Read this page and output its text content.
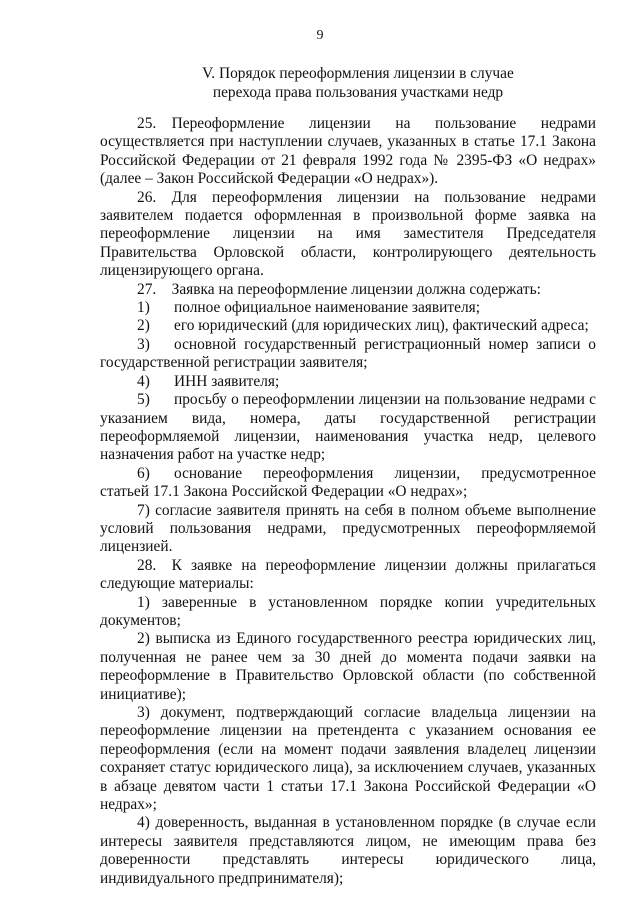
9
V. Порядок переоформления лицензии в случае
перехода права пользования участками недр

25. Переоформление лицензии на пользование недрами осуществляется при наступлении случаев, указанных в статье 17.1 Закона Российской Федерации от 21 февраля 1992 года № 2395-ФЗ «О недрах» (далее – Закон Российской Федерации «О недрах»).

26. Для переоформления лицензии на пользование недрами заявителем подается оформленная в произвольной форме заявка на переоформление лицензии на имя заместителя Председателя Правительства Орловской области, контролирующего деятельность лицензирующего органа.

27. Заявка на переоформление лицензии должна содержать:

1) полное официальное наименование заявителя;

2) его юридический (для юридических лиц), фактический адреса;

3) основной государственный регистрационный номер записи о государственной регистрации заявителя;

4) ИНН заявителя;

5) просьбу о переоформлении лицензии на пользование недрами с указанием вида, номера, даты государственной регистрации переоформляемой лицензии, наименования участка недр, целевого назначения работ на участке недр;

6) основание переоформления лицензии, предусмотренное статьей 17.1 Закона Российской Федерации «О недрах»;

7) согласие заявителя принять на себя в полном объеме выполнение условий пользования недрами, предусмотренных переоформляемой лицензией.

28. К заявке на переоформление лицензии должны прилагаться следующие материалы:

1) заверенные в установленном порядке копии учредительных документов;

2) выписка из Единого государственного реестра юридических лиц, полученная не ранее чем за 30 дней до момента подачи заявки на переоформление в Правительство Орловской области (по собственной инициативе);

3) документ, подтверждающий согласие владельца лицензии на переоформление лицензии на претендента с указанием основания ее переоформления (если на момент подачи заявления владелец лицензии сохраняет статус юридического лица), за исключением случаев, указанных в абзаце девятом части 1 статьи 17.1 Закона Российской Федерации «О недрах»;

4) доверенность, выданная в установленном порядке (в случае если интересы заявителя представляются лицом, не имеющим права без доверенности представлять интересы юридического лица, индивидуального предпринимателя);
